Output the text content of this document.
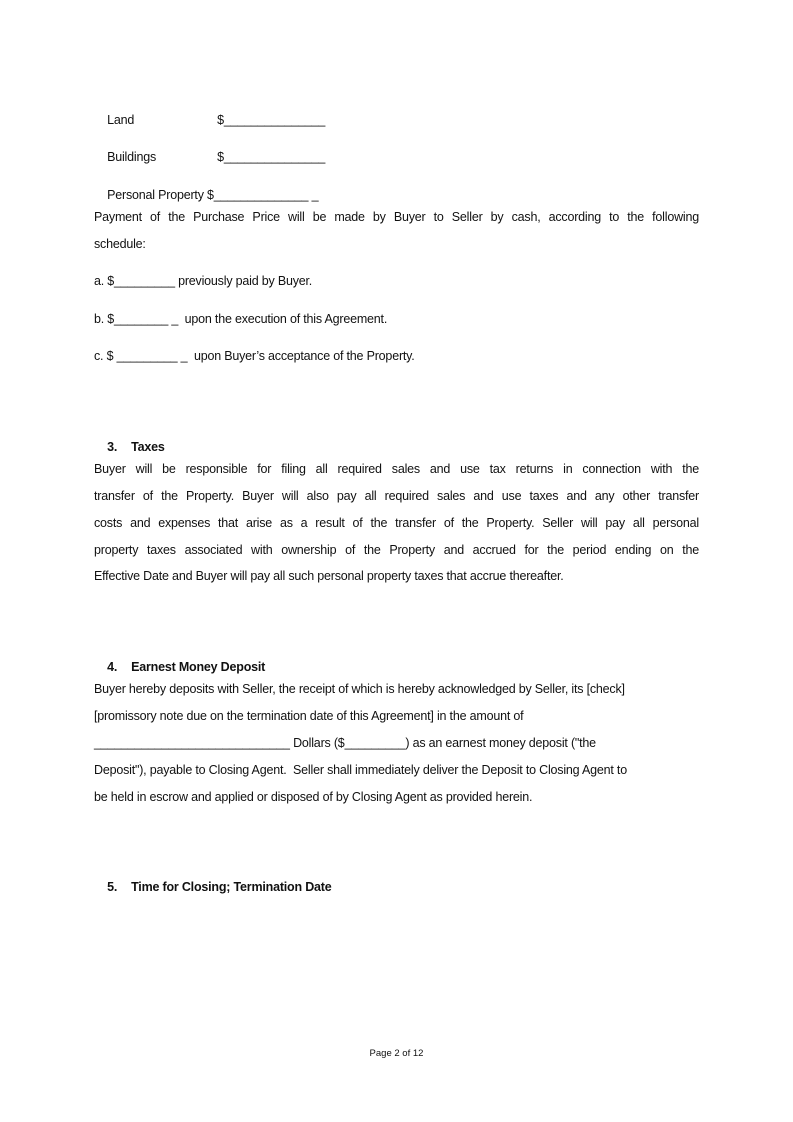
Land	$_______________

Buildings	$_______________

Personal Property $______________ _

Payment of the Purchase Price will be made by Buyer to Seller by cash, according to the following
schedule:
a. $_________ previously paid by Buyer.
b. $________ _  upon the execution of this Agreement.
c. $ _________ _  upon Buyer’s acceptance of the Property.

3. Taxes

Buyer will be responsible for filing all required sales and use tax returns in connection with the
transfer of the Property. Buyer will also pay all required sales and use taxes and any other transfer
costs and expenses that arise as a result of the transfer of the Property. Seller will pay all personal
property taxes associated with ownership of the Property and accrued for the period ending on the
Effective Date and Buyer will pay all such personal property taxes that accrue thereafter.

4. Earnest Money Deposit

Buyer hereby deposits with Seller, the receipt of which is hereby acknowledged by Seller, its [check]
[promissory note due on the termination date of this Agreement] in the amount of
_____________________________ Dollars ($_________) as an earnest money deposit ("the
Deposit"), payable to Closing Agent.  Seller shall immediately deliver the Deposit to Closing Agent to
be held in escrow and applied or disposed of by Closing Agent as provided herein.

5. Time for Closing; Termination Date

Page 2 of 12
